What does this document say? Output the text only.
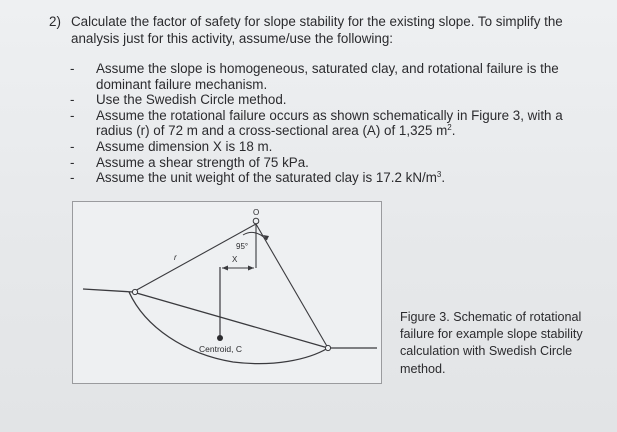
2) Calculate the factor of safety for slope stability for the existing slope. To simplify the analysis just for this activity, assume/use the following:
- Assume the slope is homogeneous, saturated clay, and rotational failure is the dominant failure mechanism.
- Use the Swedish Circle method.
- Assume the rotational failure occurs as shown schematically in Figure 3, with a radius (r) of 72 m and a cross-sectional area (A) of 1,325 $m^2$.
- Assume dimension X is 18 m.
- Assume a shear strength of 75 kPa.
- Assume the unit weight of the saturated clay is 17.2 $kN/m^3$.
O
r
95°
X
Centroid, C
Figure 3. Schematic of rotational failure for example slope stability calculation with Swedish Circle method.
